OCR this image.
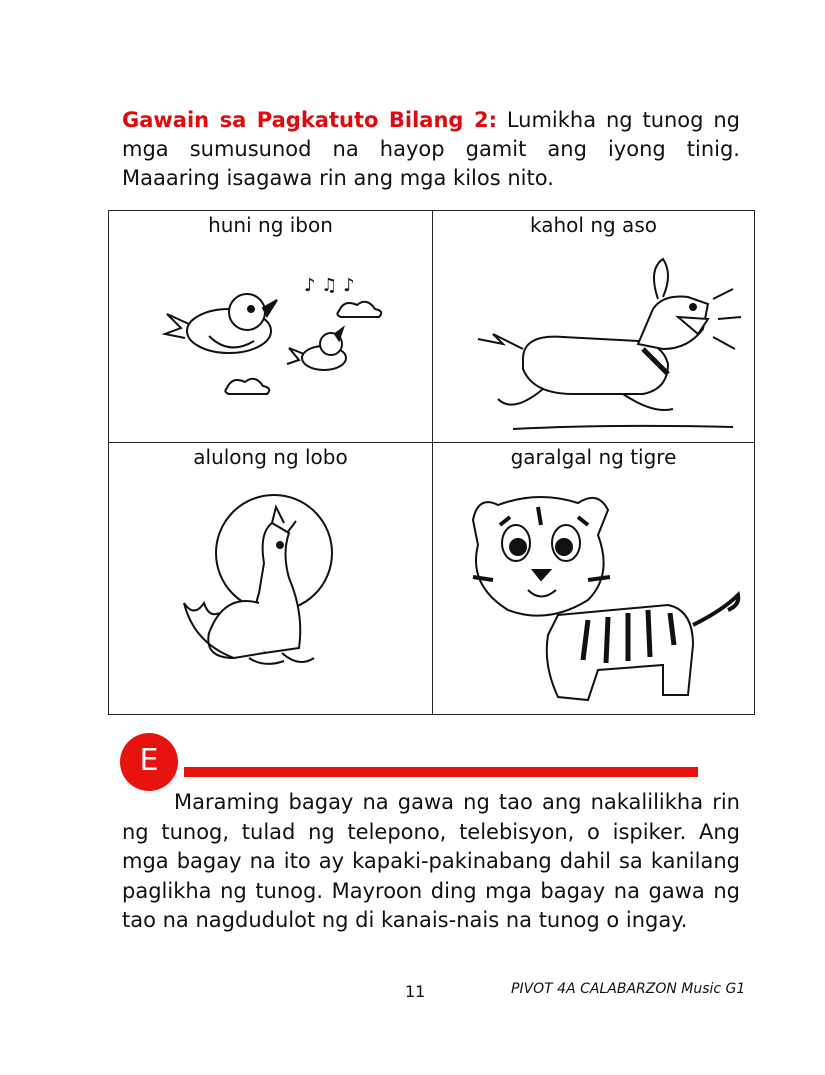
Gawain sa Pagkatuto Bilang 2: Lumikha ng tunog ng mga sumusunod na hayop gamit ang iyong tinig. Maaaring isagawa rin ang mga kilos nito.
huni ng ibon
♪ ♫ ♪
kahol ng aso
alulong ng lobo	garalgal ng tigre
E
Maraming bagay na gawa ng tao ang nakalilikha rin ng tunog, tulad ng telepono, telebisyon, o ispiker. Ang mga bagay na ito ay kapaki-pakinabang dahil sa kanilang paglikha ng tunog. Mayroon ding mga bagay na gawa ng tao na nagdudulot ng di kanais-nais na tunog o ingay.
11	PIVOT 4A CALABARZON Music G1
